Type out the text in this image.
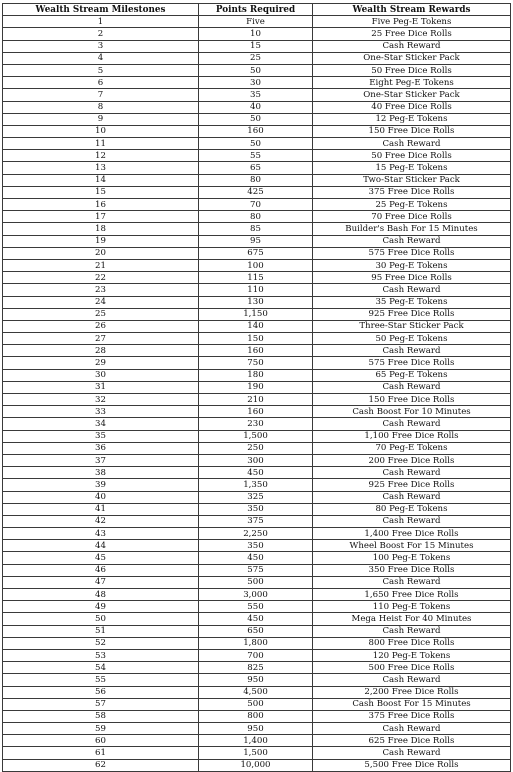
Wealth Stream Milestones	Points Required	Wealth Stream Rewards
1	Five	Five Peg-E Tokens
2	10	25 Free Dice Rolls
3	15	Cash Reward
4	25	One-Star Sticker Pack
5	50	50 Free Dice Rolls
6	30	Eight Peg-E Tokens
7	35	One-Star Sticker Pack
8	40	40 Free Dice Rolls
9	50	12 Peg-E Tokens
10	160	150 Free Dice Rolls
11	50	Cash Reward
12	55	50 Free Dice Rolls
13	65	15 Peg-E Tokens
14	80	Two-Star Sticker Pack
15	425	375 Free Dice Rolls
16	70	25 Peg-E Tokens
17	80	70 Free Dice Rolls
18	85	Builder's Bash For 15 Minutes
19	95	Cash Reward
20	675	575 Free Dice Rolls
21	100	30 Peg-E Tokens
22	115	95 Free Dice Rolls
23	110	Cash Reward
24	130	35 Peg-E Tokens
25	1,150	925 Free Dice Rolls
26	140	Three-Star Sticker Pack
27	150	50 Peg-E Tokens
28	160	Cash Reward
29	750	575 Free Dice Rolls
30	180	65 Peg-E Tokens
31	190	Cash Reward
32	210	150 Free Dice Rolls
33	160	Cash Boost For 10 Minutes
34	230	Cash Reward
35	1,500	1,100 Free Dice Rolls
36	250	70 Peg-E Tokens
37	300	200 Free Dice Rolls
38	450	Cash Reward
39	1,350	925 Free Dice Rolls
40	325	Cash Reward
41	350	80 Peg-E Tokens
42	375	Cash Reward
43	2,250	1,400 Free Dice Rolls
44	350	Wheel Boost For 15 Minutes
45	450	100 Peg-E Tokens
46	575	350 Free Dice Rolls
47	500	Cash Reward
48	3,000	1,650 Free Dice Rolls
49	550	110 Peg-E Tokens
50	450	Mega Heist For 40 Minutes
51	650	Cash Reward
52	1,800	800 Free Dice Rolls
53	700	120 Peg-E Tokens
54	825	500 Free Dice Rolls
55	950	Cash Reward
56	4,500	2,200 Free Dice Rolls
57	500	Cash Boost For 15 Minutes
58	800	375 Free Dice Rolls
59	950	Cash Reward
60	1,400	625 Free Dice Rolls
61	1,500	Cash Reward
62	10,000	5,500 Free Dice Rolls
